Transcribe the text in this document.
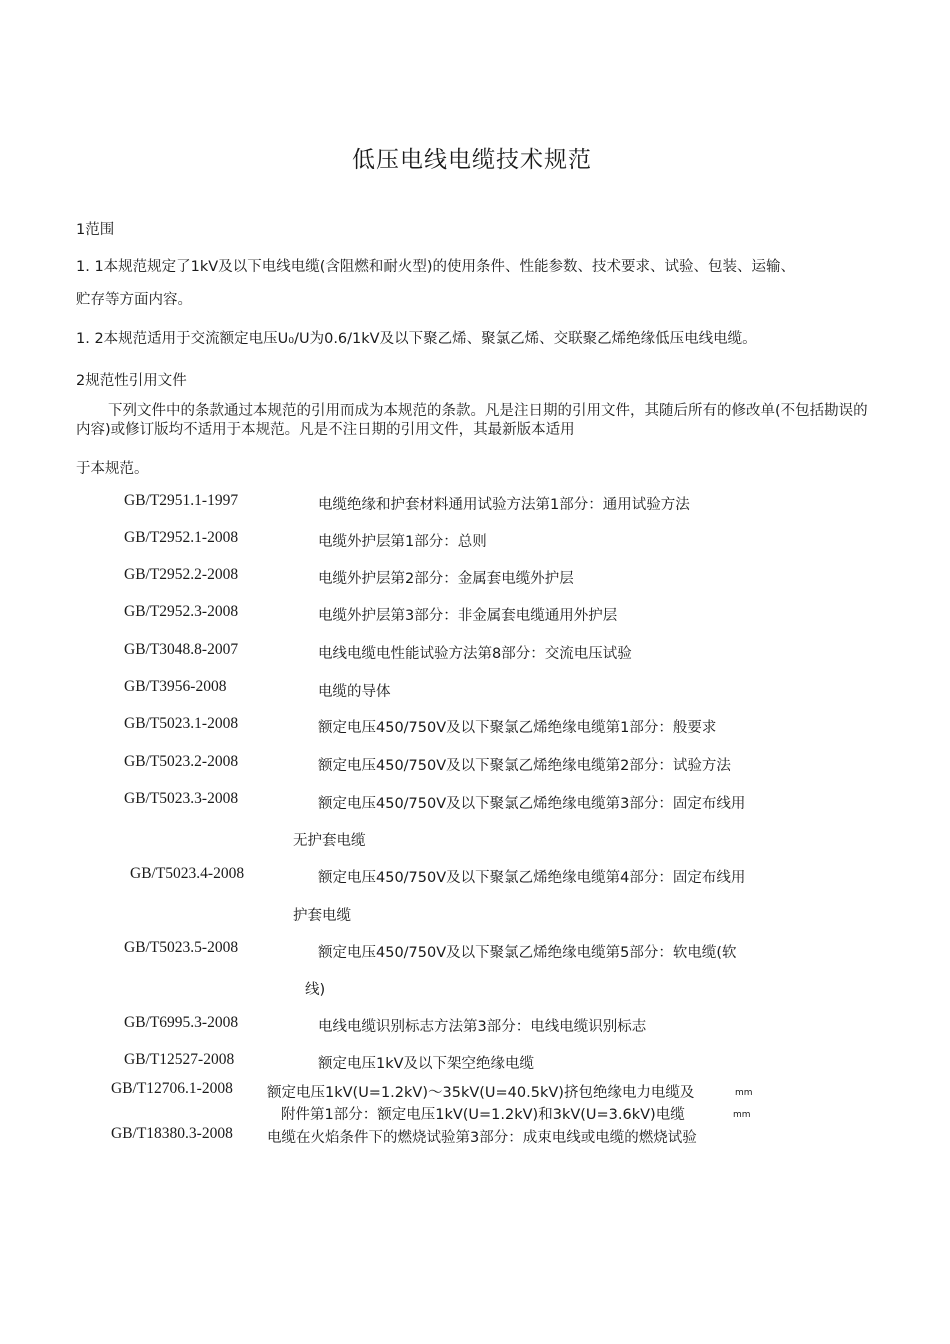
低压电线电缆技术规范
1范围
1. 1本规范规定了1kV及以下电线电缆(含阻燃和耐火型)的使用条件、性能参数、技术要求、试验、包装、运输、
贮存等方面内容。
1. 2本规范适用于交流额定电压U₀/U为0.6/1kV及以下聚乙烯、聚氯乙烯、交联聚乙烯绝缘低压电线电缆。
2规范性引用文件
下列文件中的条款通过本规范的引用而成为本规范的条款。凡是注日期的引用文件，其随后所有的修改单(不包括勘误的内容)或修订版均不适用于本规范。凡是不注日期的引用文件，其最新版本适用
于本规范。
GB/T2951.1-1997	电缆绝缘和护套材料通用试验方法第1部分：通用试验方法
GB/T2952.1-2008	电缆外护层第1部分：总则
GB/T2952.2-2008	电缆外护层第2部分：金属套电缆外护层
GB/T2952.3-2008	电缆外护层第3部分：非金属套电缆通用外护层
GB/T3048.8-2007	电线电缆电性能试验方法第8部分：交流电压试验
GB/T3956-2008	电缆的导体
GB/T5023.1-2008	额定电压450/750V及以下聚氯乙烯绝缘电缆第1部分：般要求
GB/T5023.2-2008	额定电压450/750V及以下聚氯乙烯绝缘电缆第2部分：试验方法
GB/T5023.3-2008	额定电压450/750V及以下聚氯乙烯绝缘电缆第3部分：固定布线用
无护套电缆
GB/T5023.4-2008	额定电压450/750V及以下聚氯乙烯绝缘电缆第4部分：固定布线用
护套电缆
GB/T5023.5-2008	额定电压450/750V及以下聚氯乙烯绝缘电缆第5部分：软电缆(软
线)
GB/T6995.3-2008	电线电缆识别标志方法第3部分：电线电缆识别标志
GB/T12527-2008	额定电压1kV及以下架空绝缘电缆
GB/T12706.1-2008 额定电压1kV(U=1.2kV)～35kV(U=40.5kV)挤包绝缘电力电缆及	mm
附件第1部分：额定电压1kV(U=1.2kV)和3kV(U=3.6kV)电缆	mm
GB/T18380.3-2008 电缆在火焰条件下的燃烧试验第3部分：成束电线或电缆的燃烧试验
